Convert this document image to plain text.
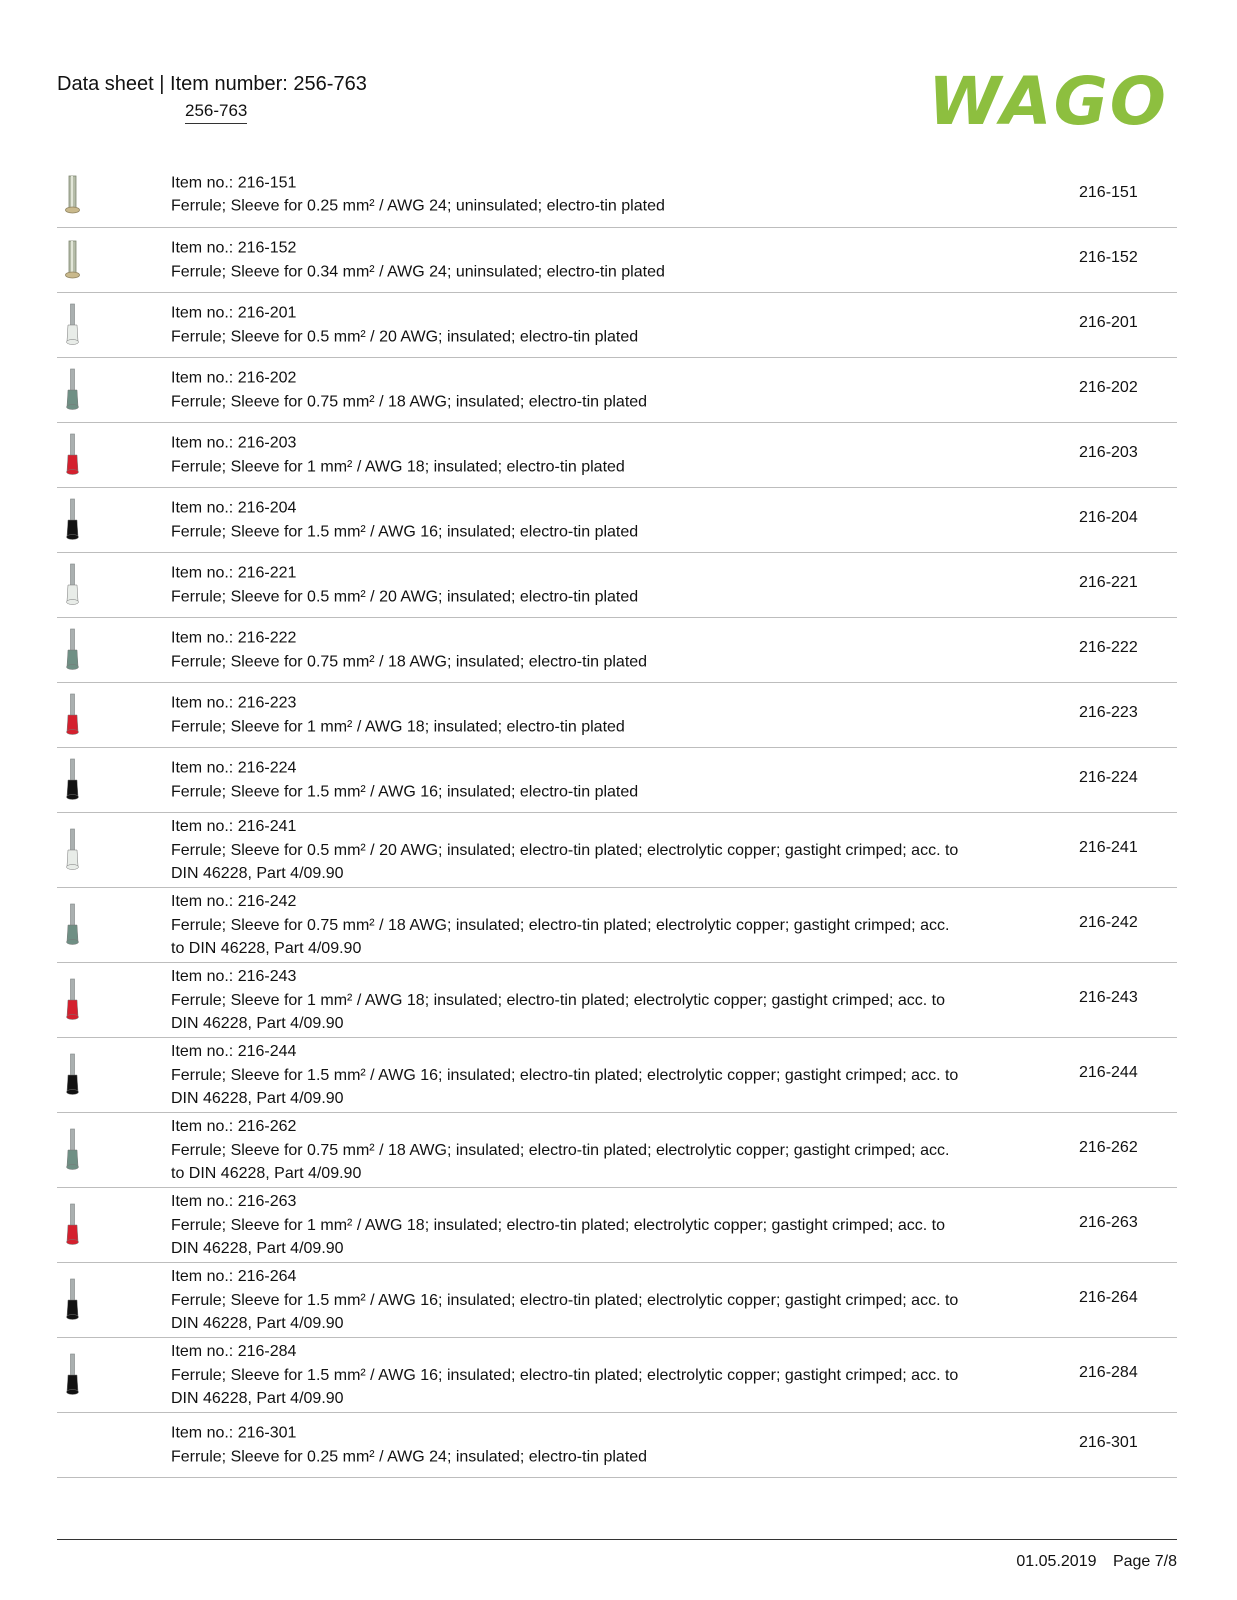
Data sheet | Item number: 256-763
256-763	WAGO
Item no.: 216-151
Ferrule; Sleeve for 0.25 mm² / AWG 24; uninsulated; electro-tin plated
216-151
Item no.: 216-152
Ferrule; Sleeve for 0.34 mm² / AWG 24; uninsulated; electro-tin plated
216-152
Item no.: 216-201
Ferrule; Sleeve for 0.5 mm² / 20 AWG; insulated; electro-tin plated
216-201
Item no.: 216-202
Ferrule; Sleeve for 0.75 mm² / 18 AWG; insulated; electro-tin plated
216-202
Item no.: 216-203
Ferrule; Sleeve for 1 mm² / AWG 18; insulated; electro-tin plated
216-203
Item no.: 216-204
Ferrule; Sleeve for 1.5 mm² / AWG 16; insulated; electro-tin plated
216-204
Item no.: 216-221
Ferrule; Sleeve for 0.5 mm² / 20 AWG; insulated; electro-tin plated
216-221
Item no.: 216-222
Ferrule; Sleeve for 0.75 mm² / 18 AWG; insulated; electro-tin plated
216-222
Item no.: 216-223
Ferrule; Sleeve for 1 mm² / AWG 18; insulated; electro-tin plated
216-223
Item no.: 216-224
Ferrule; Sleeve for 1.5 mm² / AWG 16; insulated; electro-tin plated
216-224
Item no.: 216-241
Ferrule; Sleeve for 0.5 mm² / 20 AWG; insulated; electro-tin plated; electrolytic copper; gastight crimped; acc. to DIN 46228, Part 4/09.90
216-241
Item no.: 216-242
Ferrule; Sleeve for 0.75 mm² / 18 AWG; insulated; electro-tin plated; electrolytic copper; gastight crimped; acc. to DIN 46228, Part 4/09.90
216-242
Item no.: 216-243
Ferrule; Sleeve for 1 mm² / AWG 18; insulated; electro-tin plated; electrolytic copper; gastight crimped; acc. to DIN 46228, Part 4/09.90
216-243
Item no.: 216-244
Ferrule; Sleeve for 1.5 mm² / AWG 16; insulated; electro-tin plated; electrolytic copper; gastight crimped; acc. to DIN 46228, Part 4/09.90
216-244
Item no.: 216-262
Ferrule; Sleeve for 0.75 mm² / 18 AWG; insulated; electro-tin plated; electrolytic copper; gastight crimped; acc. to DIN 46228, Part 4/09.90
216-262
Item no.: 216-263
Ferrule; Sleeve for 1 mm² / AWG 18; insulated; electro-tin plated; electrolytic copper; gastight crimped; acc. to DIN 46228, Part 4/09.90
216-263
Item no.: 216-264
Ferrule; Sleeve for 1.5 mm² / AWG 16; insulated; electro-tin plated; electrolytic copper; gastight crimped; acc. to DIN 46228, Part 4/09.90
216-264
Item no.: 216-284
Ferrule; Sleeve for 1.5 mm² / AWG 16; insulated; electro-tin plated; electrolytic copper; gastight crimped; acc. to DIN 46228, Part 4/09.90
216-284
Item no.: 216-301
Ferrule; Sleeve for 0.25 mm² / AWG 24; insulated; electro-tin plated
216-301
01.05.2019 Page 7/8
